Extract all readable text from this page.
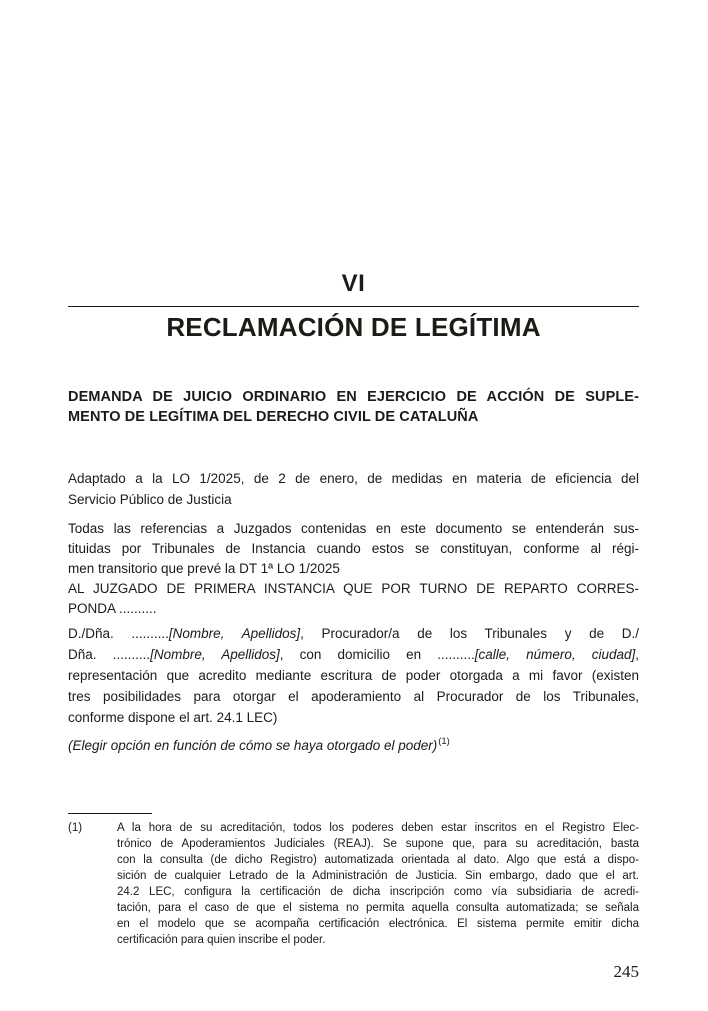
VI
RECLAMACIÓN DE LEGÍTIMA
DEMANDA DE JUICIO ORDINARIO EN EJERCICIO DE ACCIÓN DE SUPLE-
MENTO DE LEGÍTIMA DEL DERECHO CIVIL DE CATALUÑA
Adaptado a la LO 1/2025, de 2 de enero, de medidas en materia de eficiencia del
Servicio Público de Justicia
Todas las referencias a Juzgados contenidas en este documento se entenderán sus-
tituidas por Tribunales de Instancia cuando estos se constituyan, conforme al régi-
men transitorio que prevé la DT 1ª LO 1/2025
AL JUZGADO DE PRIMERA INSTANCIA QUE POR TURNO DE REPARTO CORRES-
PONDA ..........
D./Dña. ..........[Nombre, Apellidos], Procurador/a de los Tribunales y de D./
Dña. ..........[Nombre, Apellidos], con domicilio en ..........[calle, número, ciudad],
representación que acredito mediante escritura de poder otorgada a mi favor (existen
tres posibilidades para otorgar el apoderamiento al Procurador de los Tribunales,
conforme dispone el art. 24.1 LEC)
(Elegir opción en función de cómo se haya otorgado el poder)$^{(1)}$
(1)	A la hora de su acreditación, todos los poderes deben estar inscritos en el Registro Elec-
trónico de Apoderamientos Judiciales (REAJ). Se supone que, para su acreditación, basta
con la consulta (de dicho Registro) automatizada orientada al dato. Algo que está a dispo-
sición de cualquier Letrado de la Administración de Justicia. Sin embargo, dado que el art.
24.2 LEC, configura la certificación de dicha inscripción como vía subsidiaria de acredi-
tación, para el caso de que el sistema no permita aquella consulta automatizada; se señala
en el modelo que se acompaña certificación electrónica. El sistema permite emitir dicha
certificación para quien inscribe el poder.
245
